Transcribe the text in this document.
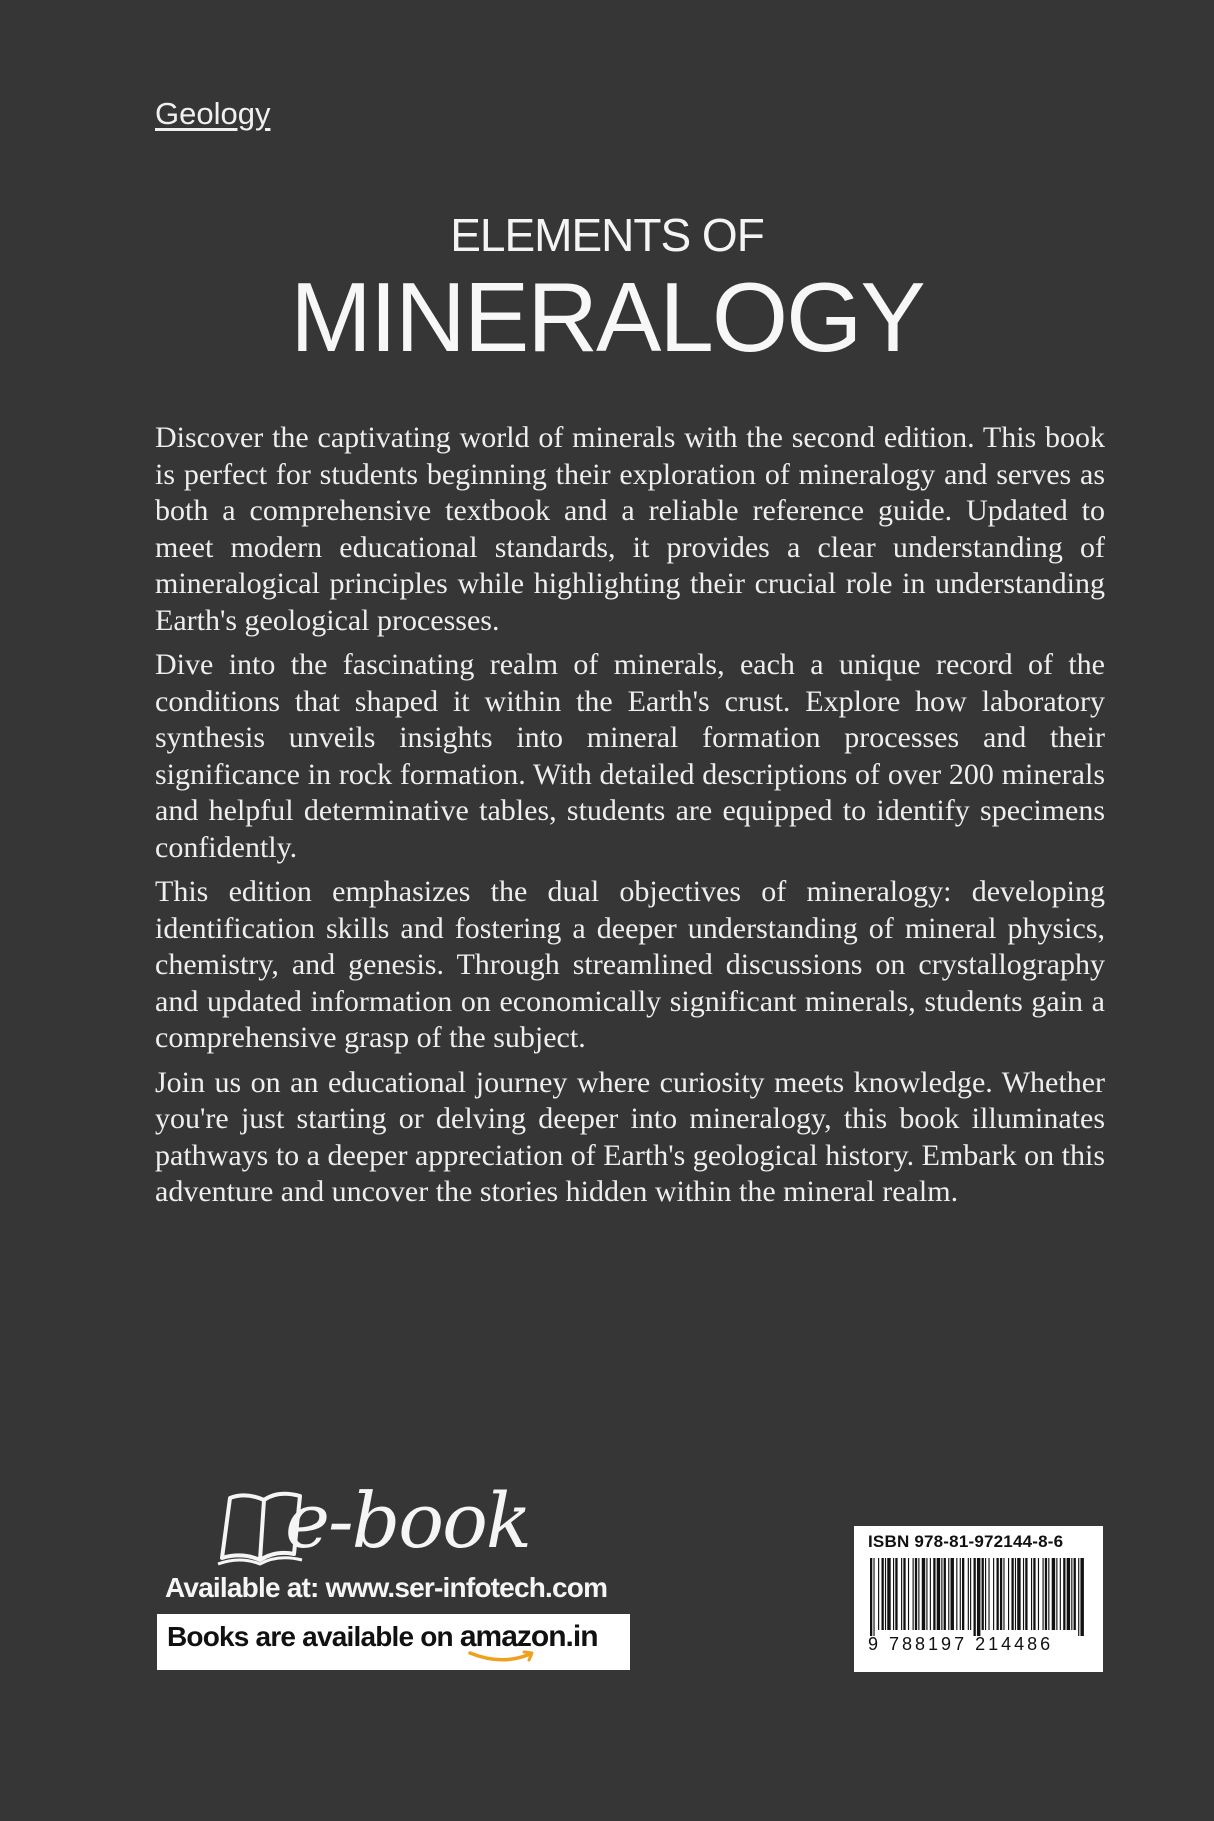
Geology
ELEMENTS OF
MINERALOGY

Discover the captivating world of minerals with the second edition. This book is perfect for students beginning their exploration of mineralogy and serves as both a comprehensive textbook and a reliable reference guide. Updated to meet modern educational standards, it provides a clear understanding of mineralogical principles while highlighting their crucial role in understanding Earth's geological processes.

Dive into the fascinating realm of minerals, each a unique record of the conditions that shaped it within the Earth's crust. Explore how laboratory synthesis unveils insights into mineral formation processes and their significance in rock formation. With detailed descriptions of over 200 minerals and helpful determinative tables, students are equipped to identify specimens confidently.

This edition emphasizes the dual objectives of mineralogy: developing identification skills and fostering a deeper understanding of mineral physics, chemistry, and genesis. Through streamlined discussions on crystallography and updated information on economically significant minerals, students gain a comprehensive grasp of the subject.

Join us on an educational journey where curiosity meets knowledge. Whether you're just starting or delving deeper into mineralogy, this book illuminates pathways to a deeper appreciation of Earth's geological history. Embark on this adventure and uncover the stories hidden within the mineral realm.

e-book
Available at: www.ser-infotech.com
Books are available on amazon.in
ISBN 978-81-972144-8-6
9 788197 214486
